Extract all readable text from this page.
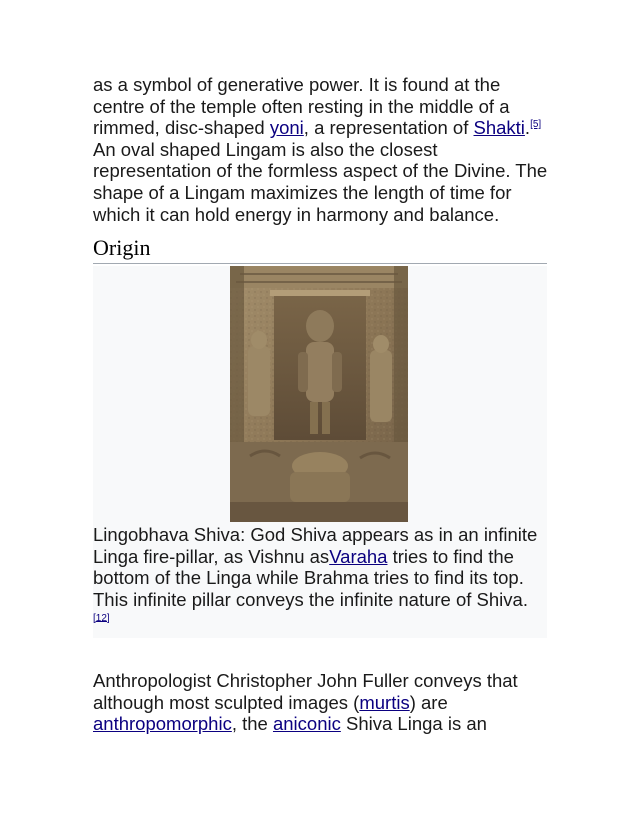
as a symbol of generative power. It is found at the centre of the temple often resting in the middle of a rimmed, disc-shaped yoni, a representation of Shakti.[5] An oval shaped Lingam is also the closest representation of the formless aspect of the Divine. The shape of a Lingam maximizes the length of time for which it can hold energy in harmony and balance.

Origin

Lingobhava Shiva: God Shiva appears as in an infinite Linga fire-pillar, as Vishnu asVaraha tries to find the bottom of the Linga while Brahma tries to find its top. This infinite pillar conveys the infinite nature of Shiva.[12]

Anthropologist Christopher John Fuller conveys that although most sculpted images (murtis) are anthropomorphic, the aniconic Shiva Linga is an
